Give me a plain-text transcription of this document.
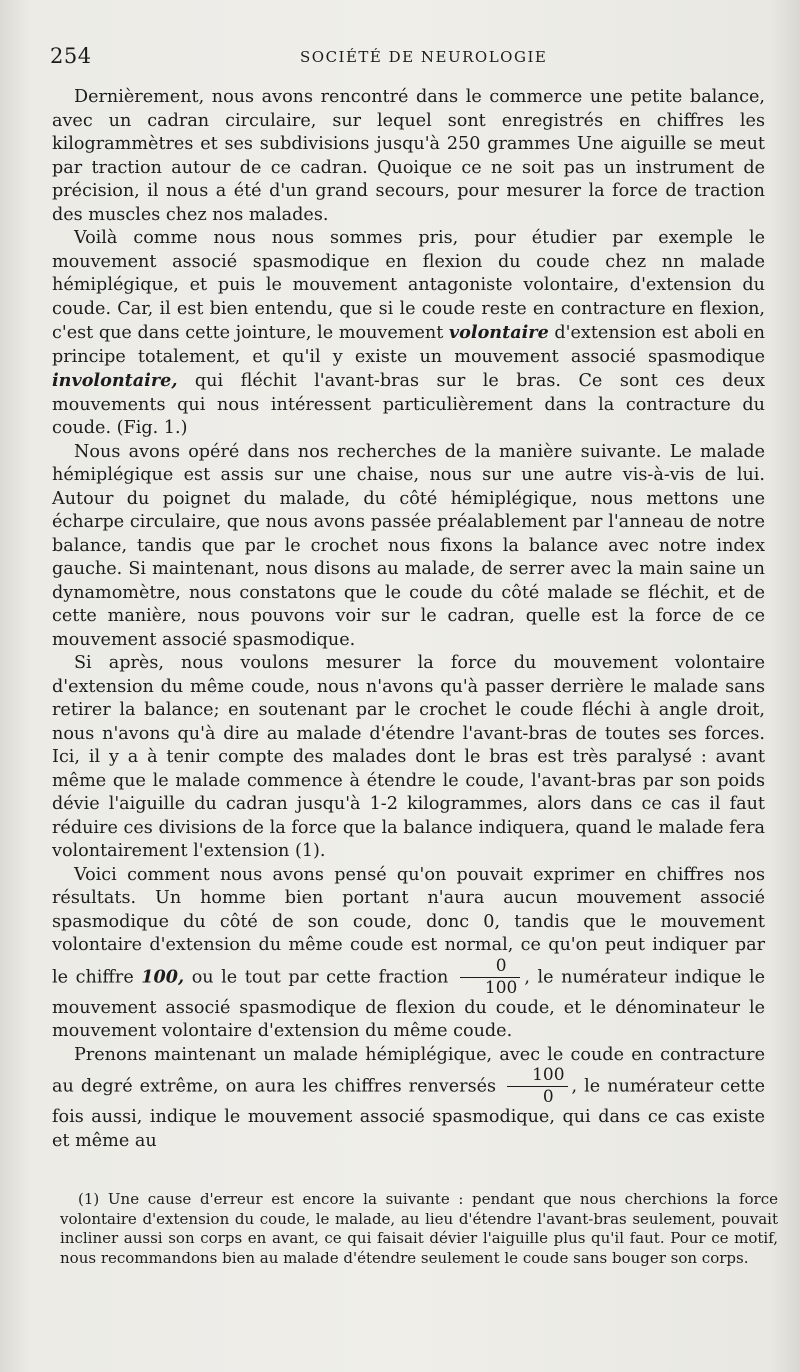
254	SOCIÉTÉ DE NEUROLOGIE

Dernièrement, nous avons rencontré dans le commerce une petite balance, avec un cadran circulaire, sur lequel sont enregistrés en chiffres les kilogrammètres et ses subdivisions jusqu'à 250 grammes Une aiguille se meut par traction autour de ce cadran. Quoique ce ne soit pas un instrument de précision, il nous a été d'un grand secours, pour mesurer la force de traction des muscles chez nos malades.

Voilà comme nous nous sommes pris, pour étudier par exemple le mouvement associé spasmodique en flexion du coude chez nn malade hémiplégique, et puis le mouvement antagoniste volontaire, d'extension du coude. Car, il est bien entendu, que si le coude reste en contracture en flexion, c'est que dans cette jointure, le mouvement volontaire d'extension est aboli en principe totalement, et qu'il y existe un mouvement associé spasmodique involontaire, qui fléchit l'avant-bras sur le bras. Ce sont ces deux mouvements qui nous intéressent particulièrement dans la contracture du coude. (Fig. 1.)

Nous avons opéré dans nos recherches de la manière suivante. Le malade hémiplégique est assis sur une chaise, nous sur une autre vis-à-vis de lui. Autour du poignet du malade, du côté hémiplégique, nous mettons une écharpe circulaire, que nous avons passée préalablement par l'anneau de notre balance, tandis que par le crochet nous fixons la balance avec notre index gauche. Si maintenant, nous disons au malade, de serrer avec la main saine un dynamomètre, nous constatons que le coude du côté malade se fléchit, et de cette manière, nous pouvons voir sur le cadran, quelle est la force de ce mouvement associé spasmodique.

Si après, nous voulons mesurer la force du mouvement volontaire d'extension du même coude, nous n'avons qu'à passer derrière le malade sans retirer la balance; en soutenant par le crochet le coude fléchi à angle droit, nous n'avons qu'à dire au malade d'étendre l'avant-bras de toutes ses forces. Ici, il y a à tenir compte des malades dont le bras est très paralysé : avant même que le malade commence à étendre le coude, l'avant-bras par son poids dévie l'aiguille du cadran jusqu'à 1-2 kilogrammes, alors dans ce cas il faut réduire ces divisions de la force que la balance indiquera, quand le malade fera volontairement l'extension (1).

Voici comment nous avons pensé qu'on pouvait exprimer en chiffres nos résultats. Un homme bien portant n'aura aucun mouvement associé spasmodique du côté de son coude, donc 0, tandis que le mouvement volontaire d'extension du même coude est normal, ce qu'on peut indiquer par le chiffre 100, ou le tout par cette fraction $\frac{0}{100}$ , le numérateur indique le mouvement associé spasmodique de flexion du coude, et le dénominateur le mouvement volontaire d'extension du même coude.

Prenons maintenant un malade hémiplégique, avec le coude en contracture au degré extrême, on aura les chiffres renversés $\frac{100}{0}$ , le numérateur cette fois aussi, indique le mouvement associé spasmodique, qui dans ce cas existe et même au

(1) Une cause d'erreur est encore la suivante : pendant que nous cherchions la force volontaire d'extension du coude, le malade, au lieu d'étendre l'avant-bras seulement, pouvait incliner aussi son corps en avant, ce qui faisait dévier l'aiguille plus qu'il faut. Pour ce motif, nous recommandons bien au malade d'étendre seulement le coude sans bouger son corps.
